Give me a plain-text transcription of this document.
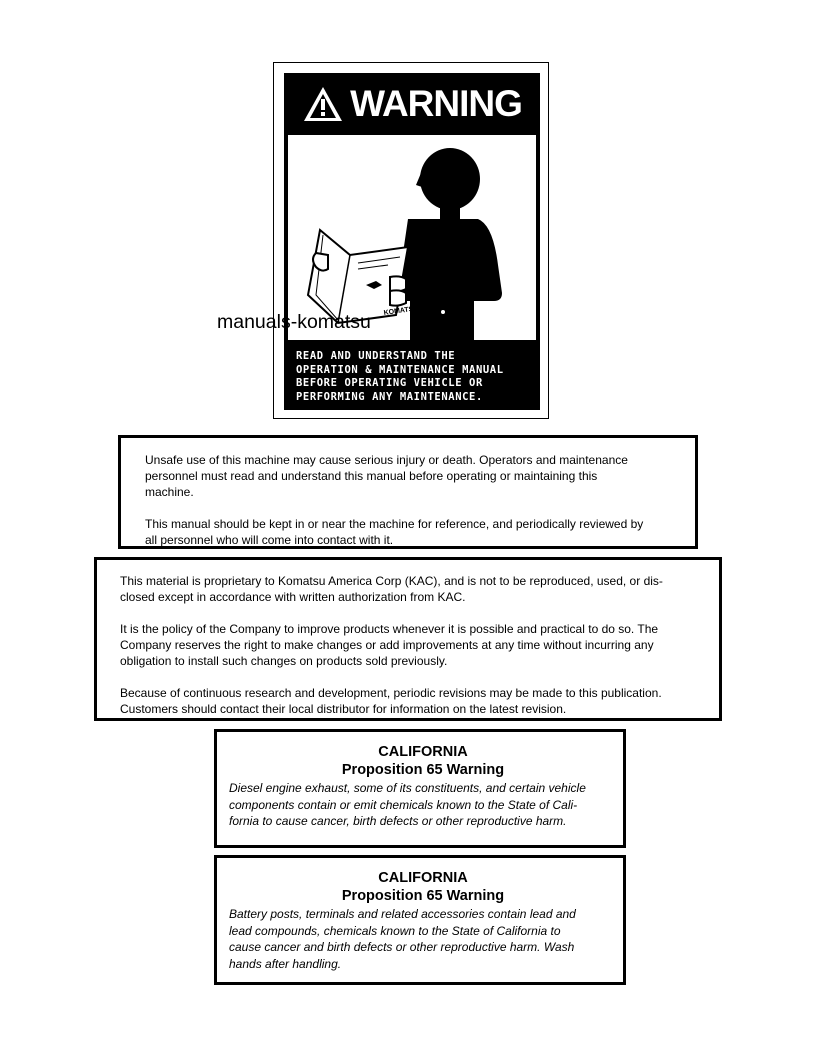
WARNING
KOMATSU
READ AND UNDERSTAND THE
OPERATION & MAINTENANCE MANUAL
BEFORE OPERATING VEHICLE OR
PERFORMING ANY MAINTENANCE.
manuals-komatsu

Unsafe use of this machine may cause serious injury or death. Operators and maintenance

personnel must read and understand this manual before operating or maintaining this

machine.

This manual should be kept in or near the machine for reference, and periodically reviewed by

all personnel who will come into contact with it.

This material is proprietary to Komatsu America Corp (KAC), and is not to be reproduced, used, or dis-

closed except in accordance with written authorization from KAC.

It is the policy of the Company to improve products whenever it is possible and practical to do so. The

Company reserves the right to make changes or add improvements at any time without incurring any

obligation to install such changes on products sold previously.

Because of continuous research and development, periodic revisions may be made to this publication.

Customers should contact their local distributor for information on the latest revision.

CALIFORNIA

Proposition 65 Warning

Diesel engine exhaust, some of its constituents, and certain vehicle

components contain or emit chemicals known to the State of Cali-

fornia to cause cancer, birth defects or other reproductive harm.

CALIFORNIA

Proposition 65 Warning

Battery posts, terminals and related accessories contain lead and

lead compounds, chemicals known to the State of California to

cause cancer and birth defects or other reproductive harm. Wash

hands after handling.
